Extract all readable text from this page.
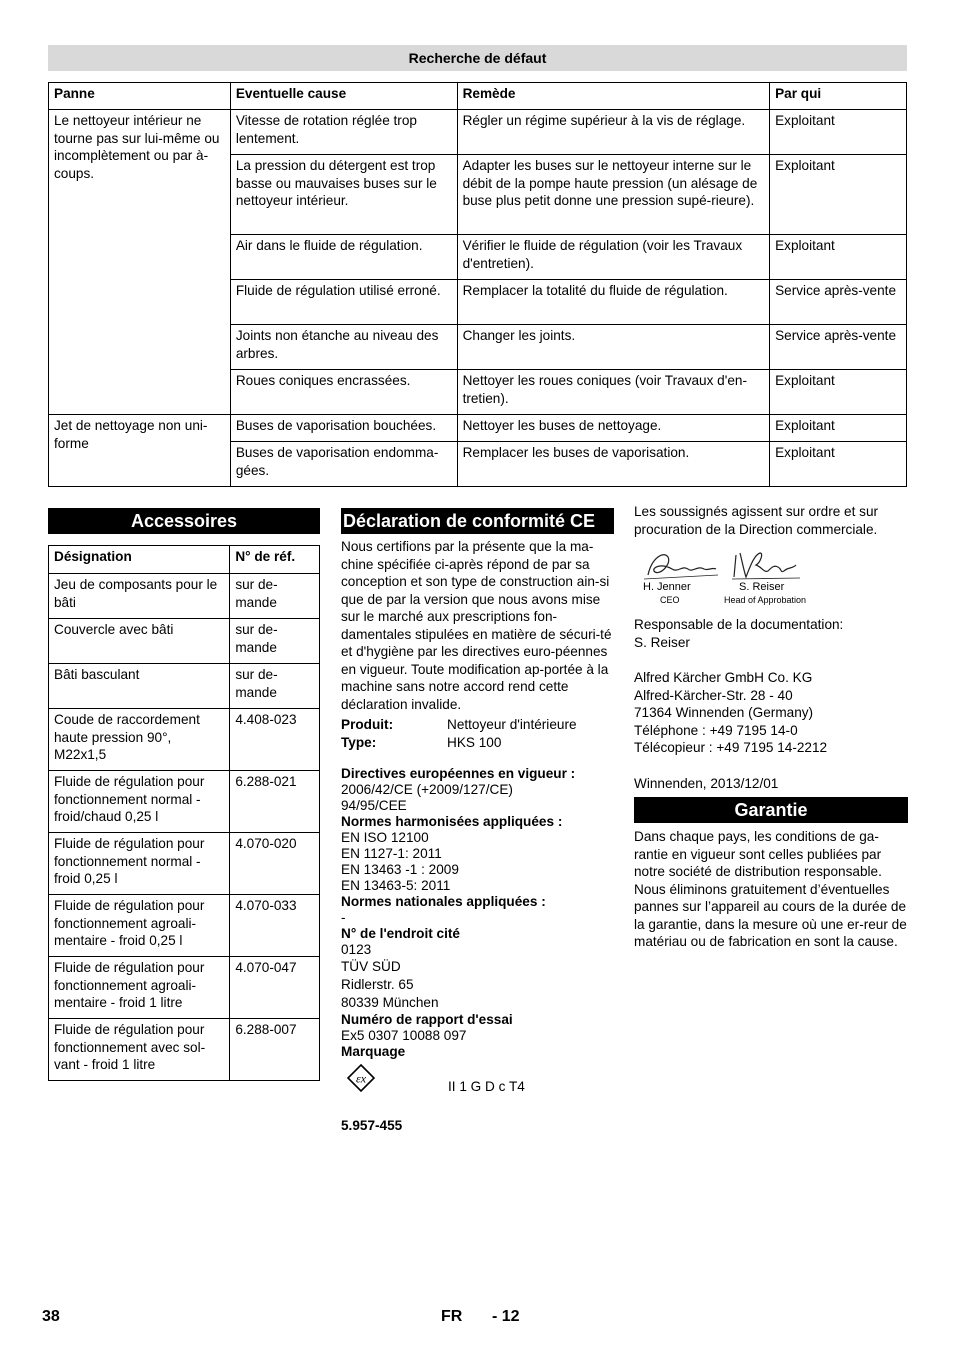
Recherche de défaut
Panne	Eventuelle cause	Remède	Par qui
Le nettoyeur intérieur ne tourne pas sur lui-même ou incomplètement ou par à-coups.	Vitesse de rotation réglée trop lentement.	Régler un régime supérieur à la vis de réglage.	Exploitant
	La pression du détergent est trop basse ou mauvaises buses sur le nettoyeur intérieur.	Adapter les buses sur le nettoyeur interne sur le débit de la pompe haute pression (un alésage de buse plus petit donne une pression supé-rieure).	Exploitant
	Air dans le fluide de régulation.	Vérifier le fluide de régulation (voir les Travaux d'entretien).	Exploitant
	Fluide de régulation utilisé erroné.	Remplacer la totalité du fluide de régulation.	Service après-vente
	Joints non étanche au niveau des arbres.	Changer les joints.	Service après-vente
	Roues coniques encrassées.	Nettoyer les roues coniques (voir Travaux d'en-tretien).	Exploitant
Jet de nettoyage non uni-forme	Buses de vaporisation bouchées.	Nettoyer les buses de nettoyage.	Exploitant
	Buses de vaporisation endomma-gées.	Remplacer les buses de vaporisation.	Exploitant
Accessoires
Désignation	N° de réf.
Jeu de composants pour le bâti	sur de-mande
Couvercle avec bâti	sur de-mande
Bâti basculant	sur de-mande
Coude de raccordement haute pression 90°, M22x1,5	4.408-023
Fluide de régulation pour fonctionnement normal - froid/chaud 0,25 l	6.288-021
Fluide de régulation pour fonctionnement normal - froid 0,25 l	4.070-020
Fluide de régulation pour fonctionnement agroali-mentaire - froid 0,25 l	4.070-033
Fluide de régulation pour fonctionnement agroali-mentaire - froid 1 litre	4.070-047
Fluide de régulation pour fonctionnement avec sol-vant - froid 1 litre	6.288-007
Déclaration de conformité CE

Nous certifions par la présente que la ma-chine spécifiée ci-après répond de par sa conception et son type de construction ain-si que de par la version que nous avons mise sur le marché aux prescriptions fon-damentales stipulées en matière de sécuri-té et d'hygiène par les directives euro-péennes en vigueur. Toute modification ap-portée à la machine sans notre accord rend cette déclaration invalide.

Produit:	Nettoyeur d'intérieure
Type:	HKS 100
Directives européennes en vigueur :
2006/42/CE (+2009/127/CE)
94/95/CEE
Normes harmonisées appliquées :
EN ISO 12100
EN 1127-1: 2011
EN 13463 -1 : 2009
EN 13463-5: 2011
Normes nationales appliquées :
-
N° de l'endroit cité
0123
TÜV SÜD
Ridlerstr. 65
80339 München
Numéro de rapport d'essai
Ex5 0307 10088 097
Marquage
εx
II 1 G D c T4
5.957-455

Les soussignés agissent sur ordre et sur procuration de la Direction commerciale.

H. Jenner
CEO
S. Reiser
Head of Approbation
Responsable de la documentation:
S. Reiser
Alfred Kärcher GmbH Co. KG
Alfred-Kärcher-Str. 28 - 40
71364 Winnenden (Germany)
Téléphone : +49 7195 14-0
Télécopieur : +49 7195 14-2212
Winnenden, 2013/12/01
Garantie
Dans chaque pays, les conditions de ga-rantie en vigueur sont celles publiées par notre société de distribution responsable. Nous éliminons gratuitement d’éventuelles pannes sur l’appareil au cours de la durée de la garantie, dans la mesure où une er-reur de matériau ou de fabrication en sont la cause.
38	FR - 12
